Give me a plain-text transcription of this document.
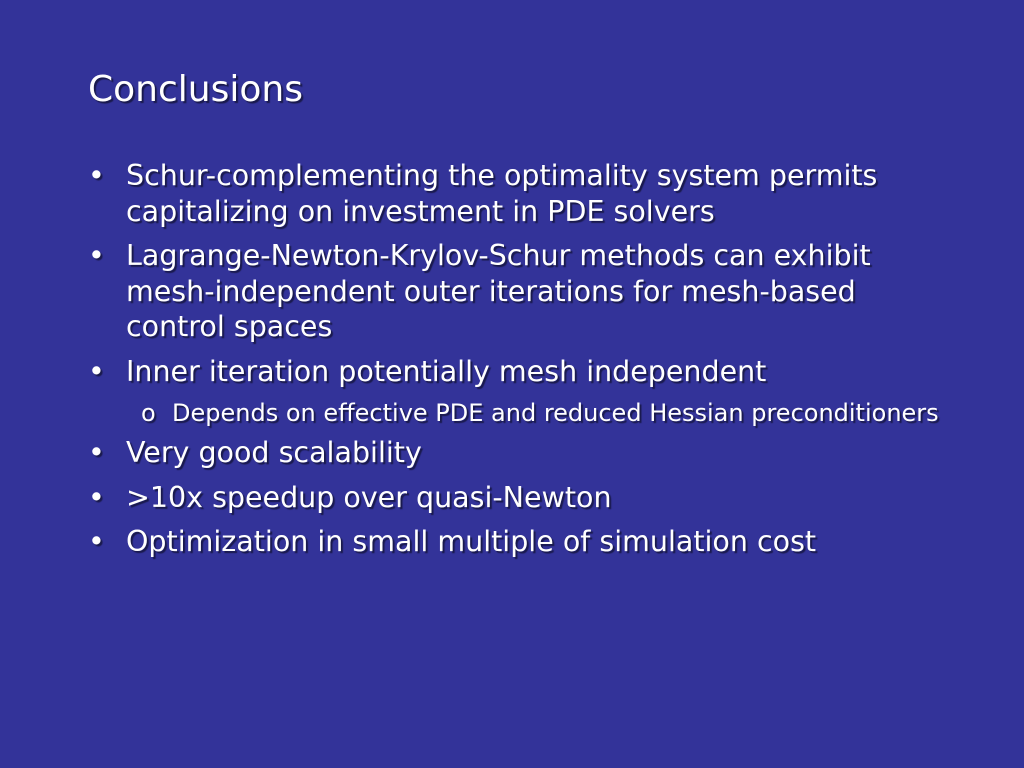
Conclusions
• Schur-complementing the optimality system permits capitalizing on investment in PDE solvers
• Lagrange-Newton-Krylov-Schur methods can exhibit mesh-independent outer iterations for mesh-based control spaces
• Inner iteration potentially mesh independent
o Depends on effective PDE and reduced Hessian preconditioners
• Very good scalability
• >10x speedup over quasi-Newton
• Optimization in small multiple of simulation cost
